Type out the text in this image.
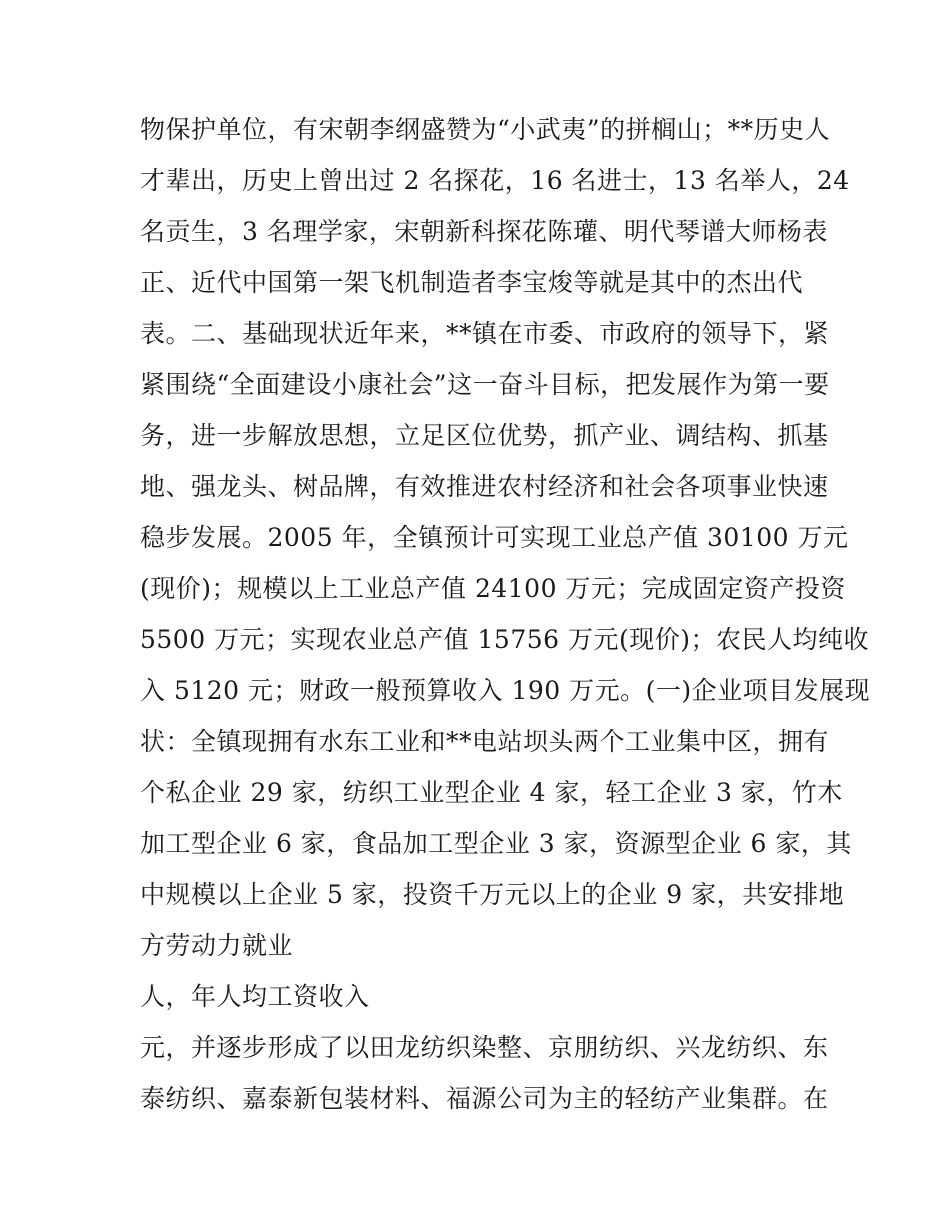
物保护单位，有宋朝李纲盛赞为“小武夷”的拼榈山；**历史人
才辈出，历史上曾出过 2 名探花，16 名进士，13 名举人，24
名贡生，3 名理学家，宋朝新科探花陈瓘、明代琴谱大师杨表
正、近代中国第一架飞机制造者李宝焌等就是其中的杰出代
表。二、基础现状近年来，**镇在市委、市政府的领导下，紧
紧围绕“全面建设小康社会”这一奋斗目标，把发展作为第一要
务，进一步解放思想，立足区位优势，抓产业、调结构、抓基
地、强龙头、树品牌，有效推进农村经济和社会各项事业快速
稳步发展。2005 年，全镇预计可实现工业总产值 30100 万元
(现价)；规模以上工业总产值 24100 万元；完成固定资产投资
5500 万元；实现农业总产值 15756 万元(现价)；农民人均纯收
入 5120 元；财政一般预算收入 190 万元。(一)企业项目发展现
状：全镇现拥有水东工业和**电站坝头两个工业集中区，拥有
个私企业 29 家，纺织工业型企业 4 家，轻工企业 3 家，竹木
加工型企业 6 家，食品加工型企业 3 家，资源型企业 6 家，其
中规模以上企业 5 家，投资千万元以上的企业 9 家，共安排地
方劳动力就业
人，年人均工资收入
元，并逐步形成了以田龙纺织染整、京朋纺织、兴龙纺织、东
泰纺织、嘉泰新包装材料、福源公司为主的轻纺产业集群。在
